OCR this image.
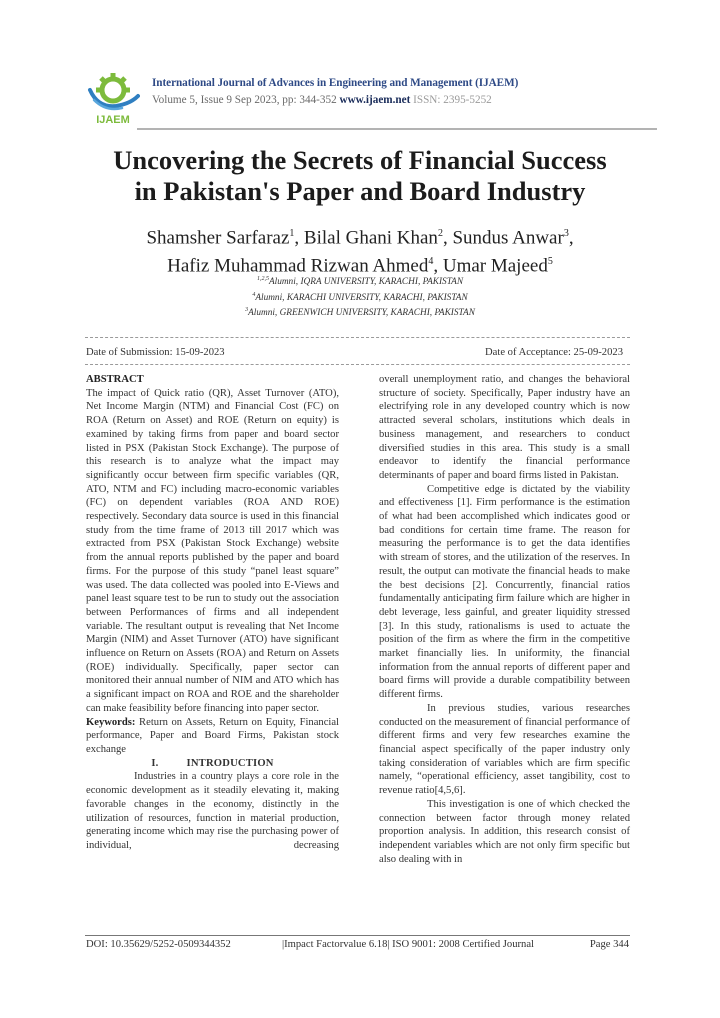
IJAEM
International Journal of Advances in Engineering and Management (IJAEM)
Volume 5, Issue 9 Sep 2023, pp: 344-352 www.ijaem.net ISSN: 2395-5252
Uncovering the Secrets of Financial Success
in Pakistan's Paper and Board Industry
Shamsher Sarfaraz$^1$, Bilal Ghani Khan$^2$, Sundus Anwar$^3$,
Hafiz Muhammad Rizwan Ahmed$^4$, Umar Majeed$^5$
$^{1,2,5}$Alumni, IQRA UNIVERSITY, KARACHI, PAKISTAN
$^4$Alumni, KARACHI UNIVERSITY, KARACHI, PAKISTAN
$^3$Alumni, GREENWICH UNIVERSITY, KARACHI, PAKISTAN
Date of Submission: 15-09-2023	Date of Acceptance: 25-09-2023

ABSTRACT

The impact of Quick ratio (QR), Asset Turnover (ATO), Net Income Margin (NTM) and Financial Cost (FC) on ROA (Return on Asset) and ROE (Return on equity) is examined by taking firms from paper and board sector listed in PSX (Pakistan Stock Exchange). The purpose of this research is to analyze what the impact may significantly occur between firm specific variables (QR, ATO, NTM and FC) including macro-economic variables (FC) on dependent variables (ROA AND ROE) respectively. Secondary data source is used in this financial study from the time frame of 2013 till 2017 which was extracted from PSX (Pakistan Stock Exchange) website from the annual reports published by the paper and board firms. For the purpose of this study “panel least square” was used. The data collected was pooled into E-Views and panel least square test to be run to study out the association between Performances of firms and all independent variable. The resultant output is revealing that Net Income Margin (NIM) and Asset Turnover (ATO) have significant influence on Return on Assets (ROA) and Return on Assets (ROE) individually. Specifically, paper sector can monitored their annual number of NIM and ATO which has a significant impact on ROA and ROE and the shareholder can make feasibility before financing into paper sector.

Keywords: Return on Assets, Return on Equity, Financial performance, Paper and Board Firms, Pakistan stock exchange

I.	INTRODUCTION

Industries in a country plays a core role in the economic development as it steadily elevating it, making favorable changes in the economy, distinctly in the utilization of resources, function in material production, generating income which may rise the purchasing power of individual, decreasing

overall unemployment ratio, and changes the behavioral structure of society. Specifically, Paper industry have an electrifying role in any developed country which is now attracted several scholars, institutions which deals in business management, and researchers to conduct diversified studies in this area. This study is a small endeavor to identify the financial performance determinants of paper and board firms listed in Pakistan.

Competitive edge is dictated by the viability and effectiveness [1]. Firm performance is the estimation of what had been accomplished which indicates good or bad conditions for certain time frame. The reason for measuring the performance is to get the data identifies with stream of stores, and the utilization of the reserves. In result, the output can motivate the financial heads to make the best decisions [2]. Concurrently, financial ratios fundamentally anticipating firm failure which are higher in debt leverage, less gainful, and greater liquidity stressed [3]. In this study, rationalisms is used to actuate the position of the firm as where the firm in the competitive market financially lies. In uniformity, the financial information from the annual reports of different paper and board firms will provide a durable compatibility between different firms.

In previous studies, various researches conducted on the measurement of financial performance of different firms and very few researches examine the financial aspect specifically of the paper industry only taking consideration of variables which are firm specific namely, “operational efficiency, asset tangibility, cost to revenue ratio[4,5,6].

This investigation is one of which checked the connection between factor through money related proportion analysis. In addition, this research consist of independent variables which are not only firm specific but also dealing with in

DOI: 10.35629/5252-0509344352	|Impact Factorvalue 6.18| ISO 9001: 2008 Certified Journal	Page 344
